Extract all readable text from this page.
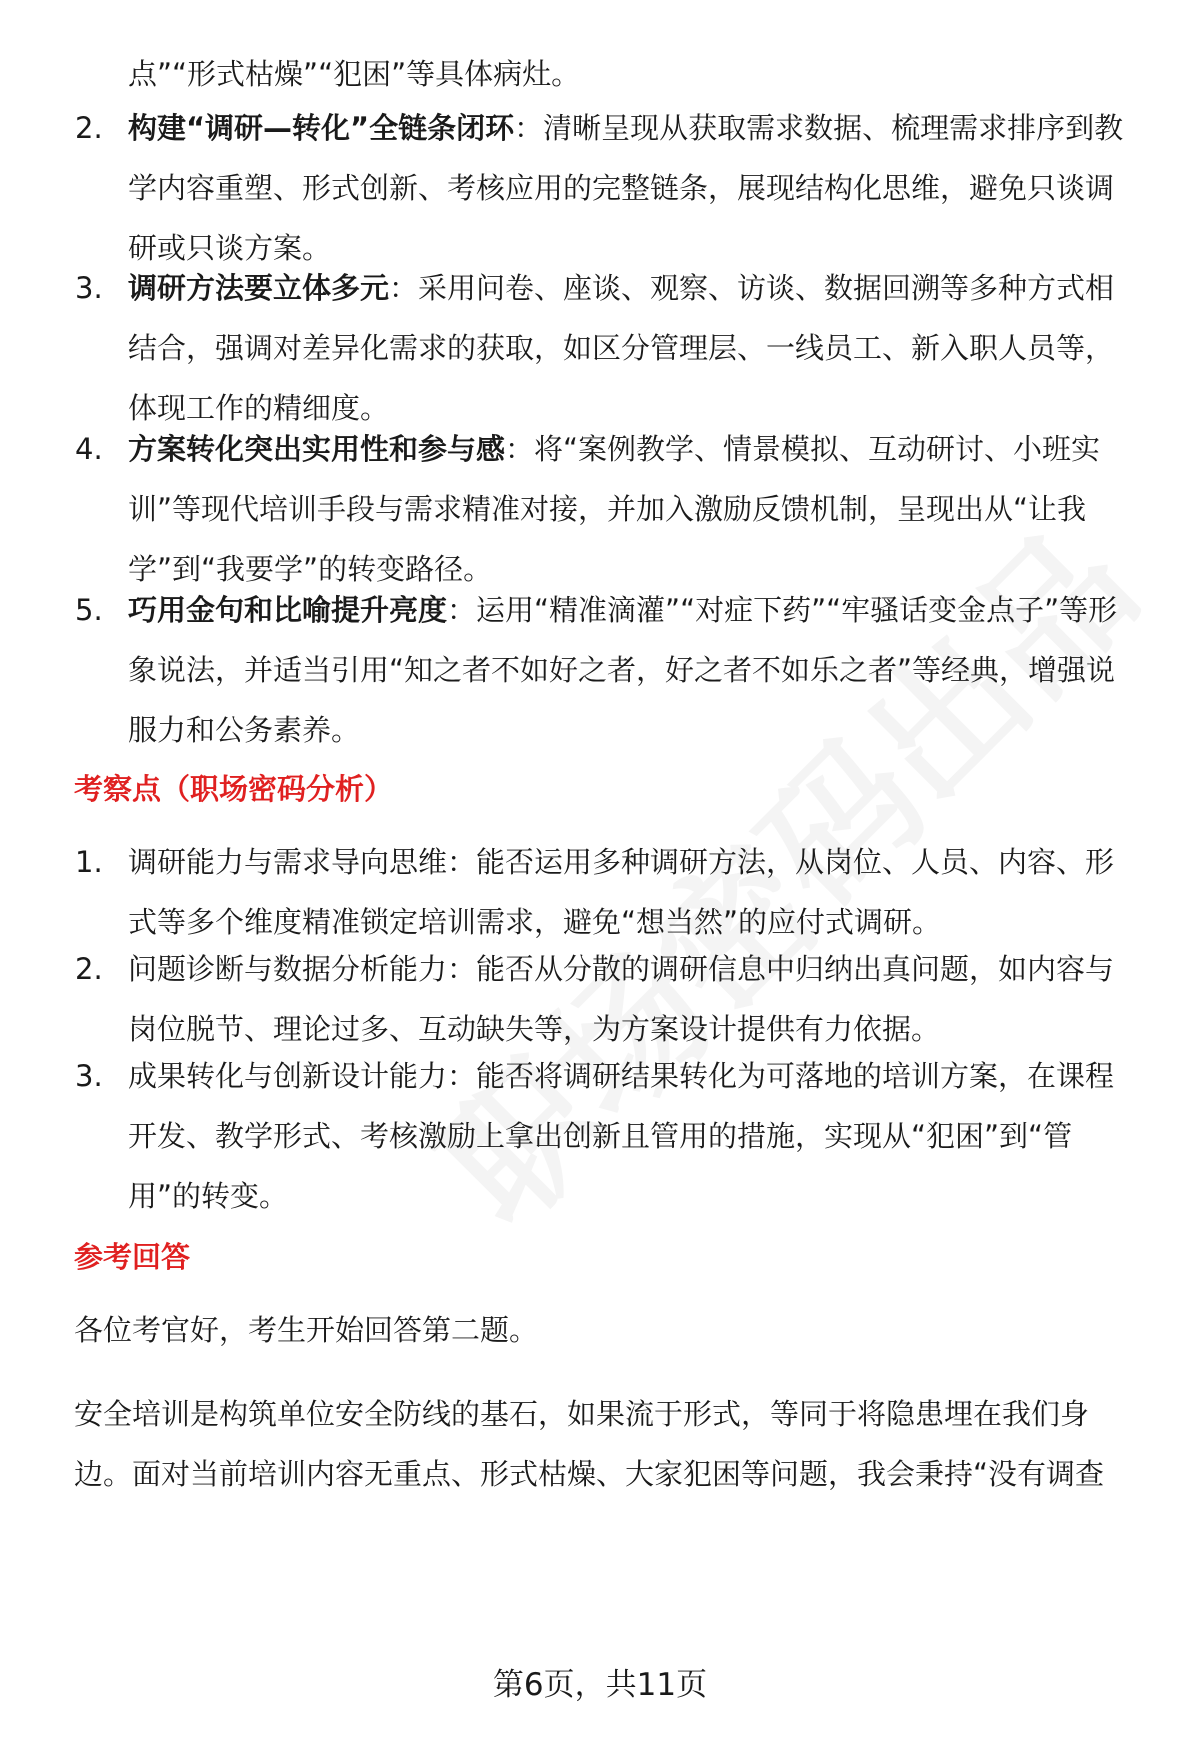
点”“形式枯燥”“犯困”等具体病灶。
2. 构建“调研—转化”全链条闭环：清晰呈现从获取需求数据、梳理需求排序到教学内容重塑、形式创新、考核应用的完整链条，展现结构化思维，避免只谈调研或只谈方案。
3. 调研方法要立体多元：采用问卷、座谈、观察、访谈、数据回溯等多种方式相结合，强调对差异化需求的获取，如区分管理层、一线员工、新入职人员等，体现工作的精细度。
4. 方案转化突出实用性和参与感：将“案例教学、情景模拟、互动研讨、小班实训”等现代培训手段与需求精准对接，并加入激励反馈机制，呈现出从“让我学”到“我要学”的转变路径。
5. 巧用金句和比喻提升亮度：运用“精准滴灌”“对症下药”“牢骚话变金点子”等形象说法，并适当引用“知之者不如好之者，好之者不如乐之者”等经典，增强说服力和公务素养。
考察点（职场密码分析）
1. 调研能力与需求导向思维：能否运用多种调研方法，从岗位、人员、内容、形式等多个维度精准锁定培训需求，避免“想当然”的应付式调研。
2. 问题诊断与数据分析能力：能否从分散的调研信息中归纳出真问题，如内容与岗位脱节、理论过多、互动缺失等，为方案设计提供有力依据。
3. 成果转化与创新设计能力：能否将调研结果转化为可落地的培训方案，在课程开发、教学形式、考核激励上拿出创新且管用的措施，实现从“犯困”到“管用”的转变。
参考回答
各位考官好，考生开始回答第二题。
安全培训是构筑单位安全防线的基石，如果流于形式，等同于将隐患埋在我们身边。面对当前培训内容无重点、形式枯燥、大家犯困等问题，我会秉持“没有调查
第6页，共11页
